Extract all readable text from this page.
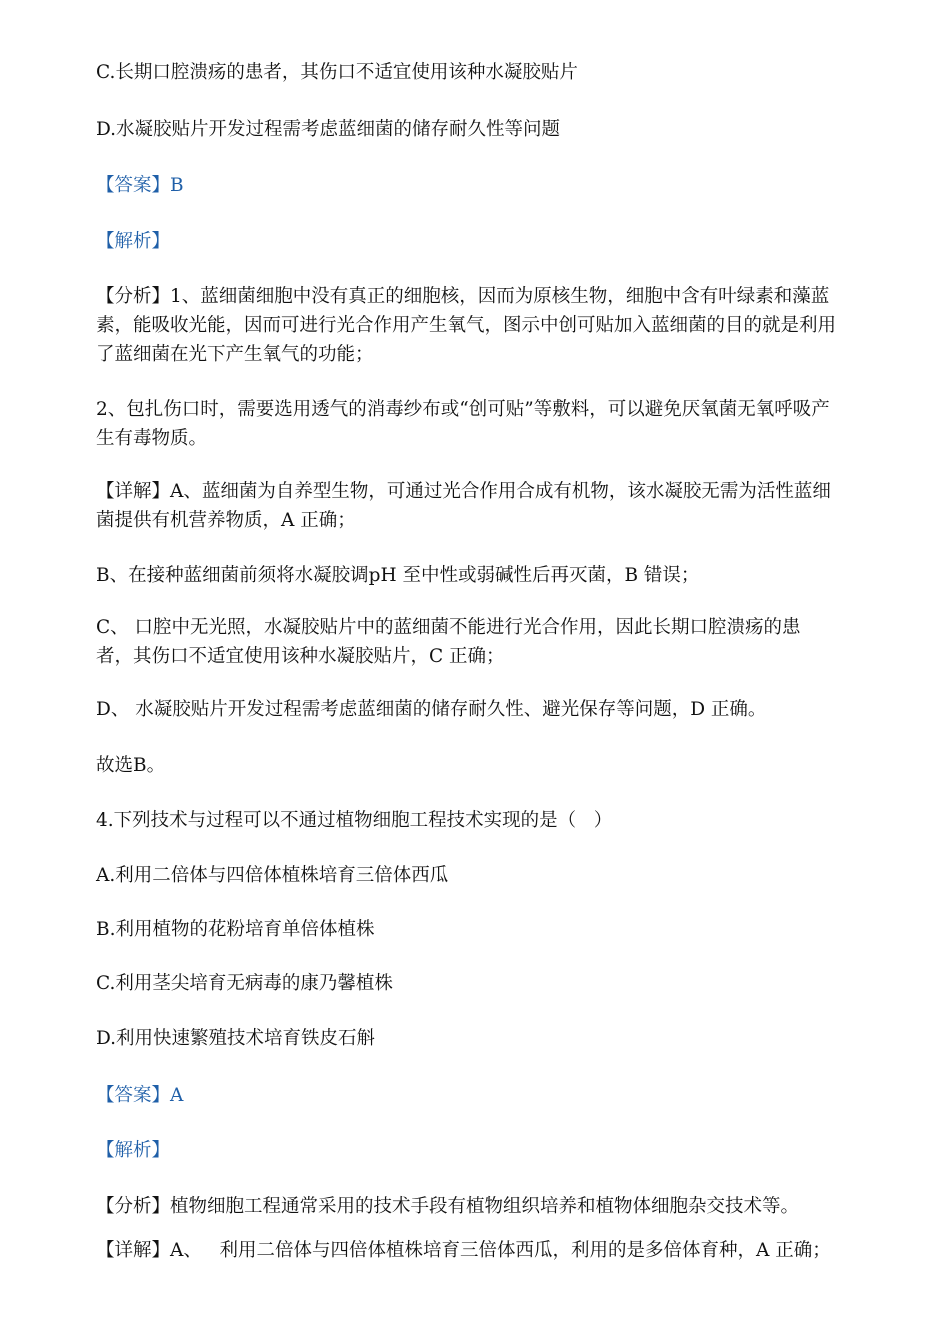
C.长期口腔溃疡的患者，其伤口不适宜使用该种水凝胶贴片

D.水凝胶贴片开发过程需考虑蓝细菌的储存耐久性等问题

【答案】B

【解析】

【分析】1、蓝细菌细胞中没有真正的细胞核，因而为原核生物，细胞中含有叶绿素和藻蓝素，能吸收光能，因而可进行光合作用产生氧气，图示中创可贴加入蓝细菌的目的就是利用了蓝细菌在光下产生氧气的功能；

2、包扎伤口时，需要选用透气的消毒纱布或“创可贴”等敷料，可以避免厌氧菌无氧呼吸产生有毒物质。

【详解】A、蓝细菌为自养型生物，可通过光合作用合成有机物，该水凝胶无需为活性蓝细菌提供有机营养物质，A 正确；

B、在接种蓝细菌前须将水凝胶调pH 至中性或弱碱性后再灭菌，B 错误；

C、 口腔中无光照，水凝胶贴片中的蓝细菌不能进行光合作用，因此长期口腔溃疡的患者，其伤口不适宜使用该种水凝胶贴片，C 正确；

D、 水凝胶贴片开发过程需考虑蓝细菌的储存耐久性、避光保存等问题，D 正确。

故选B。

4.下列技术与过程可以不通过植物细胞工程技术实现的是（   ）

A.利用二倍体与四倍体植株培育三倍体西瓜

B.利用植物的花粉培育单倍体植株

C.利用茎尖培育无病毒的康乃馨植株

D.利用快速繁殖技术培育铁皮石斛

【答案】A

【解析】

【分析】植物细胞工程通常采用的技术手段有植物组织培养和植物体细胞杂交技术等。

【详解】A、   利用二倍体与四倍体植株培育三倍体西瓜，利用的是多倍体育种，A 正确；
